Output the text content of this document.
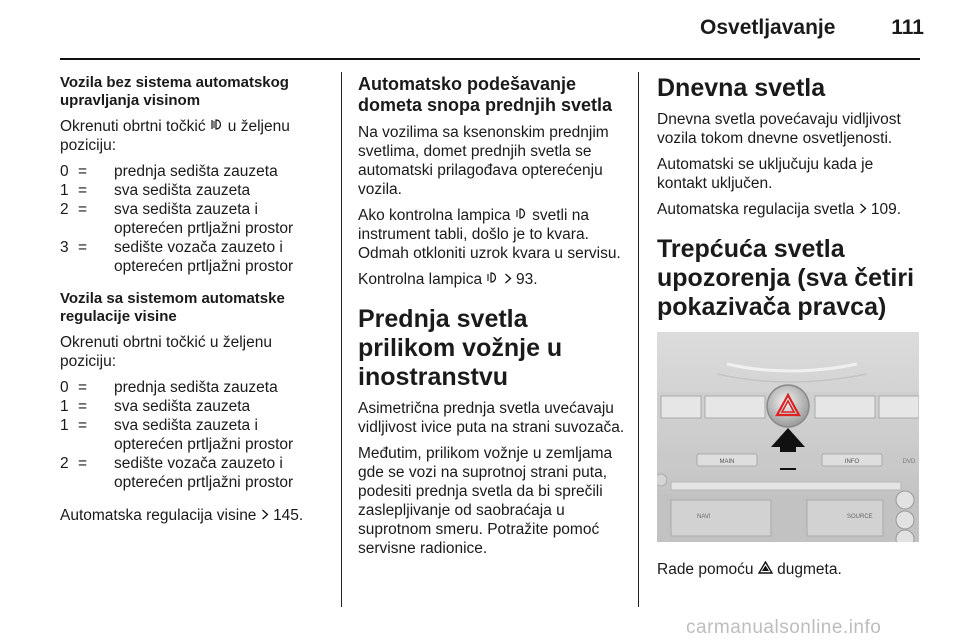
Osvetljavanje	111

Vozila bez sistema automatskog upravljanja visinom

Okrenuti obrtni točkić u željenu poziciju:

0 = prednja sedišta zauzeta
1 = sva sedišta zauzeta
2 = sva sedišta zauzeta i opterećen prtljažni prostor
3 = sedište vozača zauzeto i opterećen prtljažni prostor

Vozila sa sistemom automatske regulacije visine

Okrenuti obrtni točkić u željenu poziciju:

0 = prednja sedišta zauzeta
1 = sva sedišta zauzeta
1 = sva sedišta zauzeta i opterećen prtljažni prostor
2 = sedište vozača zauzeto i opterećen prtljažni prostor

Automatska regulacija visine 145.

Automatsko podešavanje dometa snopa prednjih svetla

Na vozilima sa ksenonskim prednjim svetlima, domet prednjih svetla se automatski prilagođava opterećenju vozila.

Ako kontrolna lampica svetli na instrument tabli, došlo je to kvara. Odmah otkloniti uzrok kvara u servisu.

Kontrolna lampica 93.

Prednja svetla prilikom vožnje u inostranstvu

Asimetrična prednja svetla uvećavaju vidljivost ivice puta na strani suvozača.

Međutim, prilikom vožnje u zemljama gde se vozi na suprotnoj strani puta, podesiti prednja svetla da bi sprečili zaslepljivanje od saobraćaja u suprotnom smeru. Potražite pomoć servisne radionice.

Dnevna svetla

Dnevna svetla povećavaju vidljivost vozila tokom dnevne osvetljenosti.

Automatski se uključuju kada je kontakt uključen.

Automatska regulacija svetla 109.

Trepćuća svetla upozorenja (sva četiri pokazivača pravca)

MAIN	INFO	DVD
NAVI	SOURCE

Rade pomoću dugmeta.

carmanualsonline.info
